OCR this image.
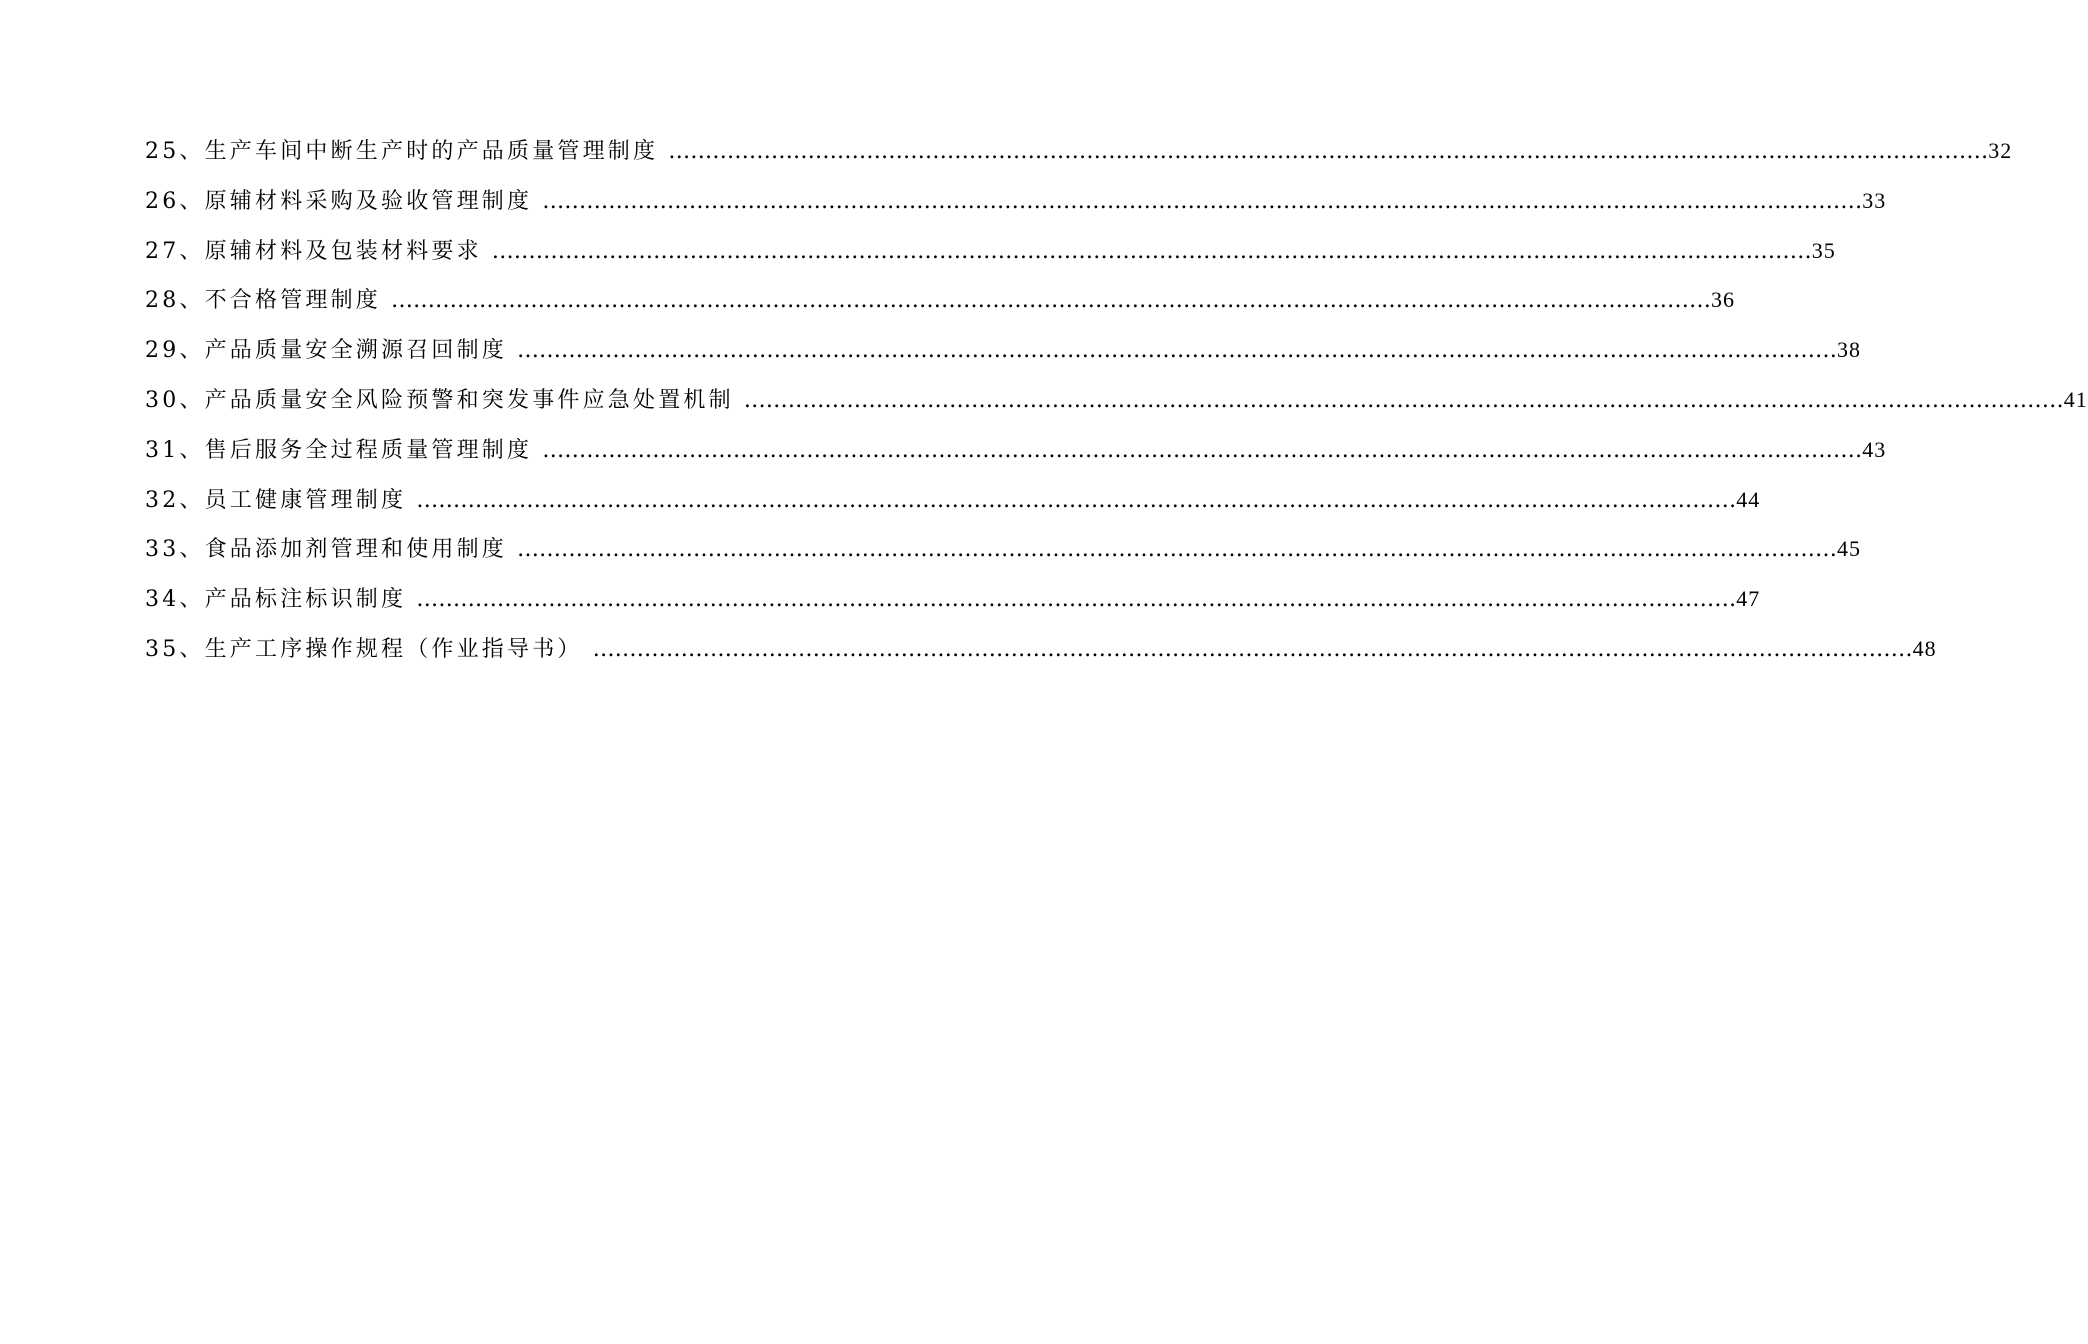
25、生产车间中断生产时的产品质量管理制度 ……………………………………………………………………………………………………………………………………………………………… 32
26、原辅材料采购及验收管理制度 ……………………………………………………………………………………………………………………………………………………………… 33
27、原辅材料及包装材料要求 ……………………………………………………………………………………………………………………………………………………………… 35
28、不合格管理制度 ……………………………………………………………………………………………………………………………………………………………… 36
29、产品质量安全溯源召回制度 ……………………………………………………………………………………………………………………………………………………………… 38
30、产品质量安全风险预警和突发事件应急处置机制 ……………………………………………………………………………………………………………………………………………………………… 41
31、售后服务全过程质量管理制度 ……………………………………………………………………………………………………………………………………………………………… 43
32、员工健康管理制度 ……………………………………………………………………………………………………………………………………………………………… 44
33、食品添加剂管理和使用制度 ……………………………………………………………………………………………………………………………………………………………… 45
34、产品标注标识制度 ……………………………………………………………………………………………………………………………………………………………… 47
35、生产工序操作规程（作业指导书） ……………………………………………………………………………………………………………………………………………………………… 48
